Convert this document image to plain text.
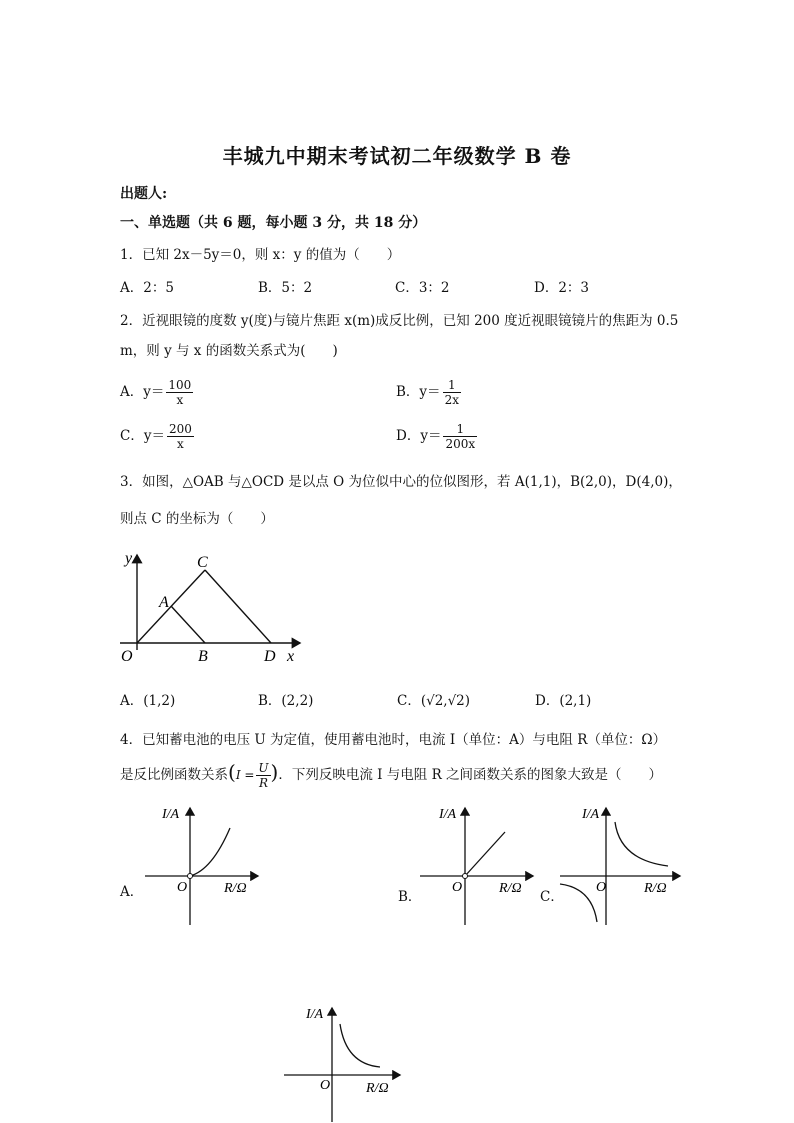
丰城九中期末考试初二年级数学 B 卷
出题人:
一、单选题（共 6 题，每小题 3 分，共 18 分）
1．已知 2x－5y＝0，则 x：y 的值为（　　）
A．2：5	B．5：2	C．3：2	D．2：3
2．近视眼镜的度数 y(度)与镜片焦距 x(m)成反比例，已知 200 度近视眼镜镜片的焦距为 0.5
m，则 y 与 x 的函数关系式为(　　)
A．$y= \frac{100}{x}$	B．$y= \frac{1}{2x}$
C．$y= \frac{200}{x}$	D．$y= \frac{1}{200x}$
3．如图，△OAB 与△OCD 是以点 O 为位似中心的位似图形，若 A(1,1)，B(2,0)，D(4,0)，
则点 C 的坐标为（　　）
y
O
A
C
B	D x
A．(1,2)	B．(2,2)	C．(√2,√2)	D．(2,1)
4．已知蓄电池的电压 U 为定值，使用蓄电池时，电流 I（单位：A）与电阻 R（单位：Ω）
是反比例函数关系($I = \frac{U}{R}$ )．下列反映电流 I 与电阻 R 之间函数关系的图象大致是（　　）
A．
I/A
O	R/Ω
B．
I/A
O	R/Ω
C．
I/A
O	R/Ω
I/A
O	R/Ω
